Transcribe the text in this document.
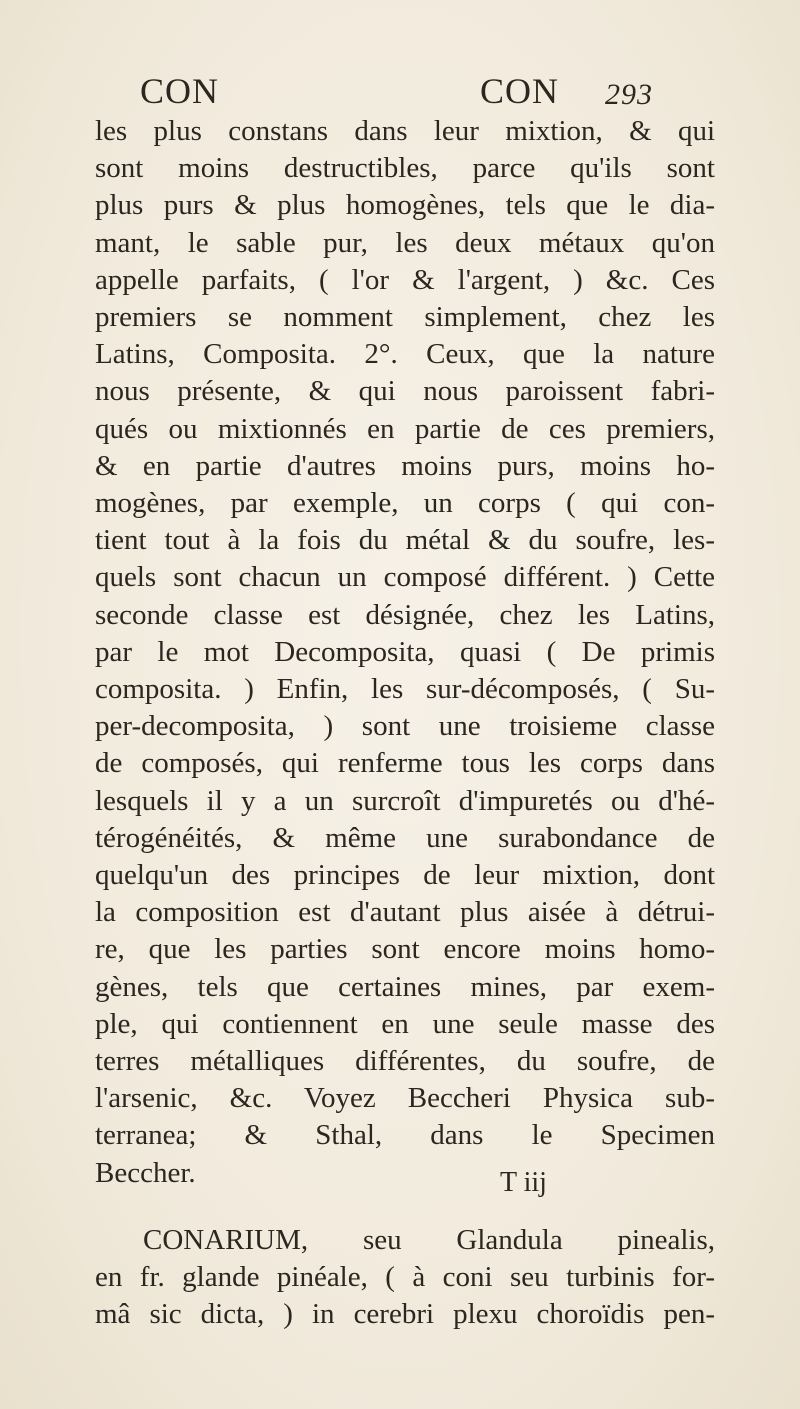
CON	CON 293
les plus constans dans leur mixtion, & qui
sont moins destructibles, parce qu'ils sont
plus purs & plus homogènes, tels que le dia-
mant, le sable pur, les deux métaux qu'on
appelle parfaits, ( l'or & l'argent, ) &c. Ces
premiers se nomment simplement, chez les
Latins, Composita. 2°. Ceux, que la nature
nous présente, & qui nous paroissent fabri-
qués ou mixtionnés en partie de ces premiers,
& en partie d'autres moins purs, moins ho-
mogènes, par exemple, un corps ( qui con-
tient tout à la fois du métal & du soufre, les-
quels sont chacun un composé différent. ) Cette
seconde classe est désignée, chez les Latins,
par le mot Decomposita, quasi ( De primis
composita. ) Enfin, les sur-décomposés, ( Su-
per-decomposita, ) sont une troisieme classe
de composés, qui renferme tous les corps dans
lesquels il y a un surcroît d'impuretés ou d'hé-
térogénéités, & même une surabondance de
quelqu'un des principes de leur mixtion, dont
la composition est d'autant plus aisée à détrui-
re, que les parties sont encore moins homo-
gènes, tels que certaines mines, par exem-
ple, qui contiennent en une seule masse des
terres métalliques différentes, du soufre, de
l'arsenic, &c. Voyez Beccheri Physica sub-
terranea; & Sthal, dans le Specimen
Beccher.
CONARIUM, seu Glandula pinealis,
en fr. glande pinéale, ( à coni seu turbinis for-
mâ sic dicta, ) in cerebri plexu choroïdis pen-
T iij
